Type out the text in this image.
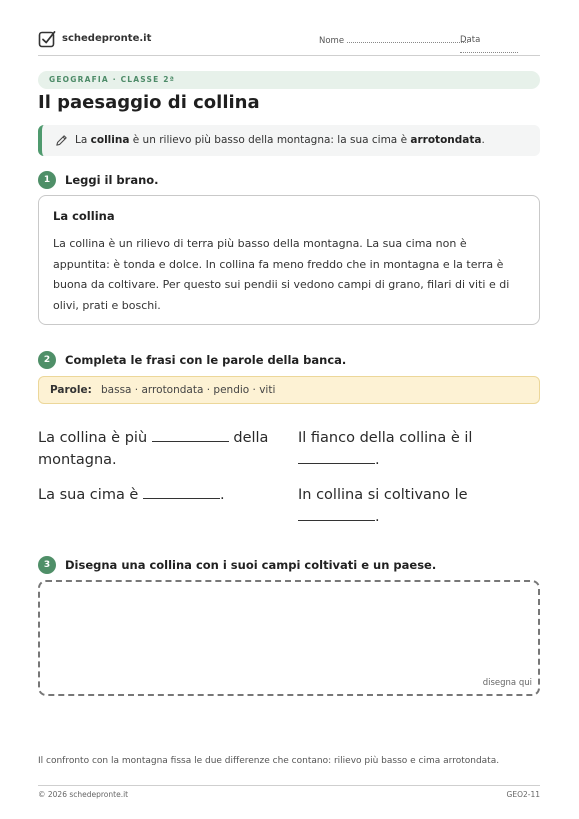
schedepronte.it	Nome	Data
GEOGRAFIA · CLASSE 2ª
Il paesaggio di collina
La collina è un rilievo più basso della montagna: la sua cima è arrotondata.
1	Leggi il brano.
La collina
La collina è un rilievo di terra più basso della montagna. La sua cima non è appuntita: è tonda e dolce. In collina fa meno freddo che in montagna e la terra è buona da coltivare. Per questo sui pendii si vedono campi di grano, filari di viti e di olivi, prati e boschi.
2	Completa le frasi con le parole della banca.
Parole: bassa · arrotondata · pendio · viti
La collina è più	della montagna.
Il fianco della collina è il .
La sua cima è	.	In collina si coltivano le .
3	Disegna una collina con i suoi campi coltivati e un paese.
disegna qui
Il confronto con la montagna fissa le due differenze che contano: rilievo più basso e cima arrotondata.
© 2026 schedepronte.it	GEO2-11
